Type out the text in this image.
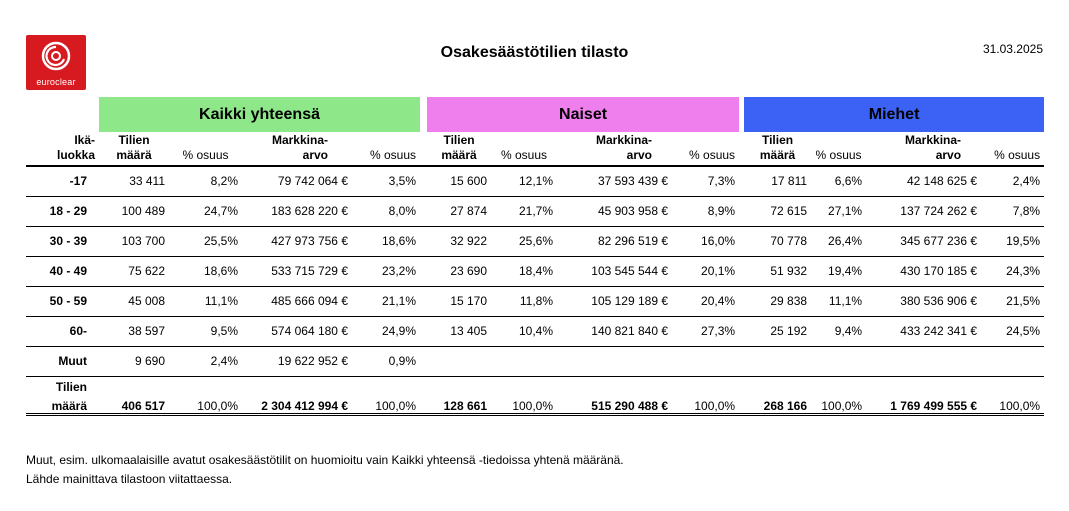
euroclear
Osakesäästötilien tilasto	31.03.2025
	Kaikki yhteensä					Naiset					Miehet			
Ikä-	Tilien		Markkina-			Tilien		Markkina-			Tilien		Markkina-	
luokka	määrä	% osuus	arvo	% osuus		määrä	% osuus	arvo	% osuus		määrä	% osuus	arvo	% osuus
-17	33 411	8,2%	79 742 064 €	3,5%		15 600	12,1%	37 593 439 €	7,3%		17 811	6,6%	42 148 625 €	2,4%
18 - 29	100 489	24,7%	183 628 220 €	8,0%		27 874	21,7%	45 903 958 €	8,9%		72 615	27,1%	137 724 262 €	7,8%
30 - 39	103 700	25,5%	427 973 756 €	18,6%		32 922	25,6%	82 296 519 €	16,0%		70 778	26,4%	345 677 236 €	19,5%
40 - 49	75 622	18,6%	533 715 729 €	23,2%		23 690	18,4%	103 545 544 €	20,1%		51 932	19,4%	430 170 185 €	24,3%
50 - 59	45 008	11,1%	485 666 094 €	21,1%		15 170	11,8%	105 129 189 €	20,4%		29 838	11,1%	380 536 906 €	21,5%
60-	38 597	9,5%	574 064 180 €	24,9%		13 405	10,4%	140 821 840 €	27,3%		25 192	9,4%	433 242 341 €	24,5%
Muut	9 690	2,4%	19 622 952 €	0,9%										
Tilien														
määrä	406 517	100,0%	2 304 412 994 €	100,0%		128 661	100,0%	515 290 488 €	100,0%		268 166	100,0%	1 769 499 555 €	100,0%
Muut, esim. ulkomaalaisille avatut osakesäästötilit on huomioitu vain Kaikki yhteensä -tiedoissa yhtenä määränä.
Lähde mainittava tilastoon viitattaessa.
